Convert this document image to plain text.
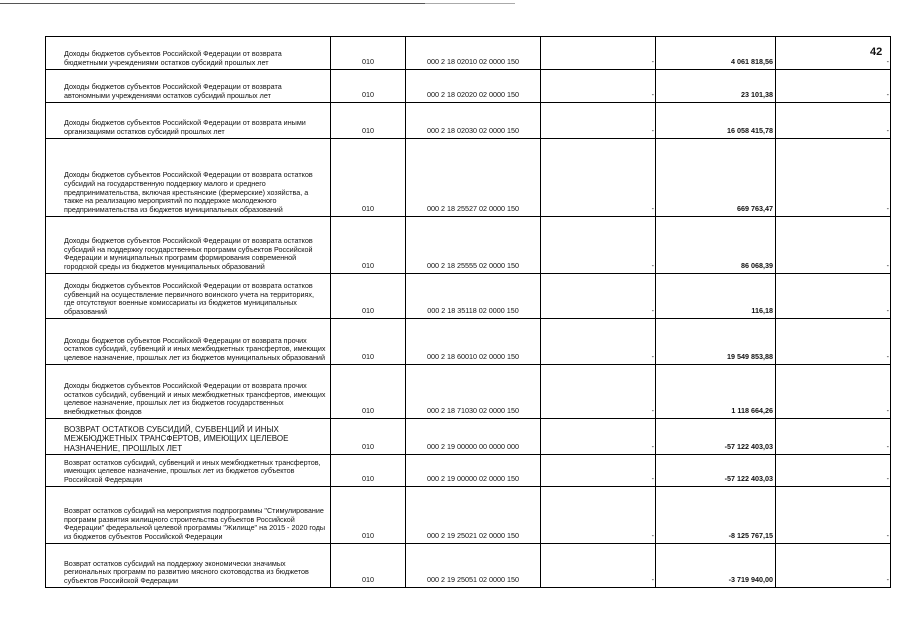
42
Доходы бюджетов субъектов Российской Федерации от возврата бюджетными учреждениями остатков субсидий прошлых лет	010	000 2 18 02010 02 0000 150	-	4 061 818,56	-
Доходы бюджетов субъектов Российской Федерации от возврата автономными учреждениями остатков субсидий прошлых лет	010	000 2 18 02020 02 0000 150	-	23 101,38	-
Доходы бюджетов субъектов Российской Федерации от возврата иными организациями остатков субсидий прошлых лет	010	000 2 18 02030 02 0000 150	-	16 058 415,78	-
Доходы бюджетов субъектов Российской Федерации от возврата остатков субсидий на государственную поддержку малого и среднего предпринимательства, включая крестьянские (фермерские) хозяйства, а также на реализацию мероприятий по поддержке молодежного предпринимательства из бюджетов муниципальных образований	010	000 2 18 25527 02 0000 150	-	669 763,47	-
Доходы бюджетов субъектов Российской Федерации от возврата остатков субсидий на поддержку государственных программ субъектов Российской Федерации и муниципальных программ формирования современной городской среды из бюджетов муниципальных образований	010	000 2 18 25555 02 0000 150	-	86 068,39	-
Доходы бюджетов субъектов Российской Федерации от возврата остатков субвенций на осуществление первичного воинского учета на территориях, где отсутствуют военные комиссариаты из бюджетов муниципальных образований	010	000 2 18 35118 02 0000 150	-	116,18	-
Доходы бюджетов субъектов Российской Федерации от возврата прочих остатков субсидий, субвенций и иных межбюджетных трансфертов, имеющих целевое назначение, прошлых лет из бюджетов муниципальных образований	010	000 2 18 60010 02 0000 150	-	19 549 853,88	-
Доходы бюджетов субъектов Российской Федерации от возврата прочих остатков субсидий, субвенций и иных межбюджетных трансфертов, имеющих целевое назначение, прошлых лет из бюджетов государственных внебюджетных фондов	010	000 2 18 71030 02 0000 150	-	1 118 664,26	-
ВОЗВРАТ ОСТАТКОВ СУБСИДИЙ, СУБВЕНЦИЙ И ИНЫХ МЕЖБЮДЖЕТНЫХ ТРАНСФЕРТОВ, ИМЕЮЩИХ ЦЕЛЕВОЕ НАЗНАЧЕНИЕ, ПРОШЛЫХ ЛЕТ	010	000 2 19 00000 00 0000 000	-	-57 122 403,03	-
Возврат остатков субсидий, субвенций и иных межбюджетных трансфертов, имеющих целевое назначение, прошлых лет из бюджетов субъектов Российской Федерации	010	000 2 19 00000 02 0000 150	-	-57 122 403,03	-
Возврат остатков субсидий на мероприятия подпрограммы "Стимулирование программ развития жилищного строительства субъектов Российской Федерации" федеральной целевой программы "Жилище" на 2015 - 2020 годы из бюджетов субъектов Российской Федерации	010	000 2 19 25021 02 0000 150	-	-8 125 767,15	-
Возврат остатков субсидий на поддержку экономически значимых региональных программ по развитию мясного скотоводства из бюджетов субъектов Российской Федерации	010	000 2 19 25051 02 0000 150	-	-3 719 940,00	-
